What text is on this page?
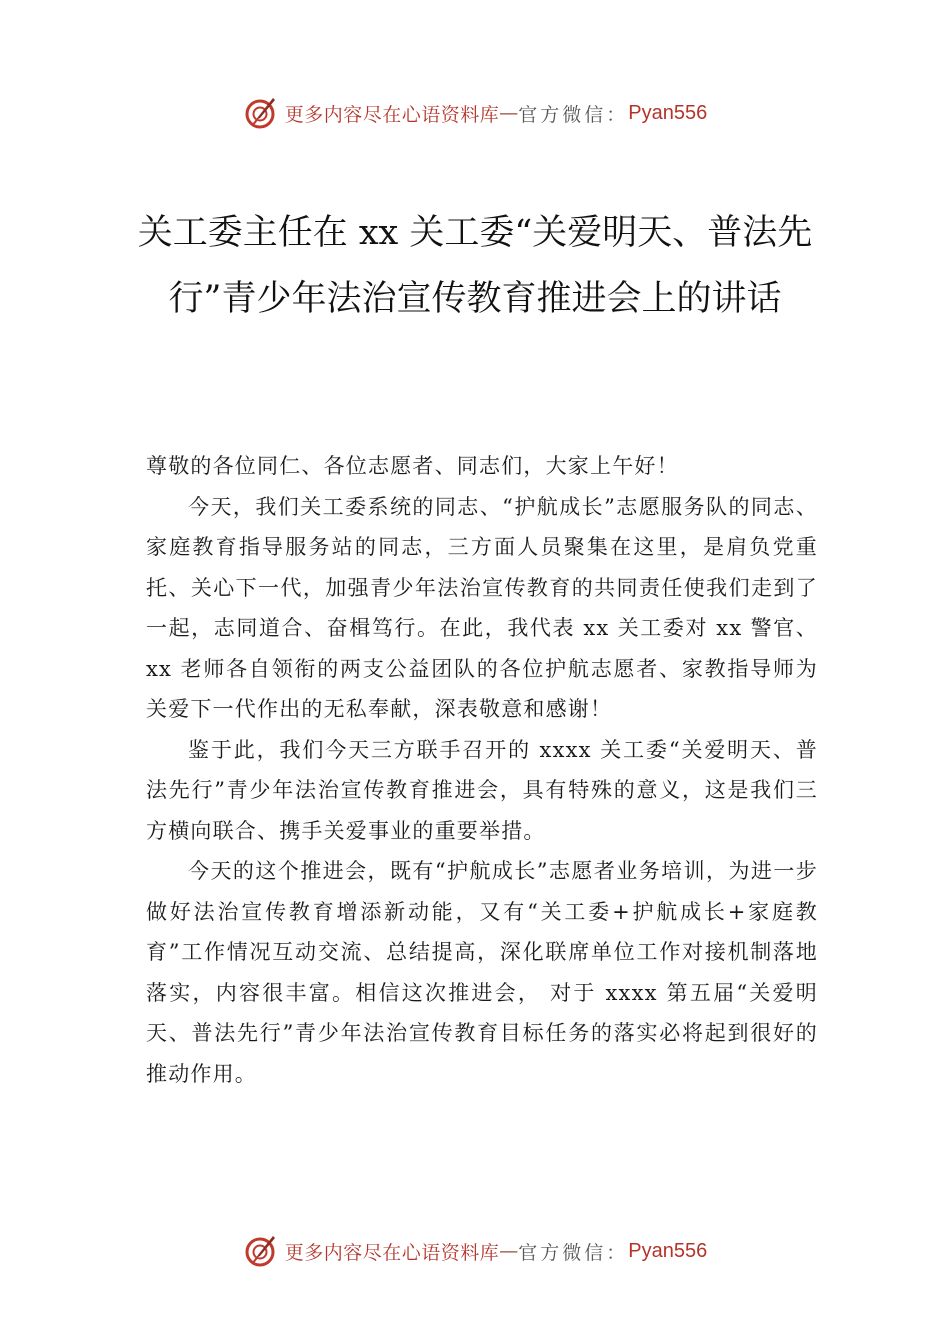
更多内容尽在心语资料库 — 官方微信： Pyan556
关工委主任在 xx 关工委“关爱明天、普法先行”青少年法治宣传教育推进会上的讲话

尊敬的各位同仁、各位志愿者、同志们，大家上午好！

今天，我们关工委系统的同志、“护航成长”志愿服务队的同志、家庭教育指导服务站的同志，三方面人员聚集在这里，是肩负党重托、关心下一代，加强青少年法治宣传教育的共同责任使我们走到了一起，志同道合、奋楫笃行。在此，我代表 xx 关工委对 xx 警官、xx 老师各自领衔的两支公益团队的各位护航志愿者、家教指导师为关爱下一代作出的无私奉献，深表敬意和感谢！

鉴于此，我们今天三方联手召开的 xxxx 关工委“关爱明天、普法先行”青少年法治宣传教育推进会，具有特殊的意义，这是我们三方横向联合、携手关爱事业的重要举措。

今天的这个推进会，既有“护航成长”志愿者业务培训，为进一步做好法治宣传教育增添新动能，又有“关工委+护航成长+家庭教育”工作情况互动交流、总结提高，深化联席单位工作对接机制落地落实，内容很丰富。相信这次推进会， 对于 xxxx 第五届“关爱明天、普法先行”青少年法治宣传教育目标任务的落实必将起到很好的推动作用。

更多内容尽在心语资料库 — 官方微信： Pyan556
